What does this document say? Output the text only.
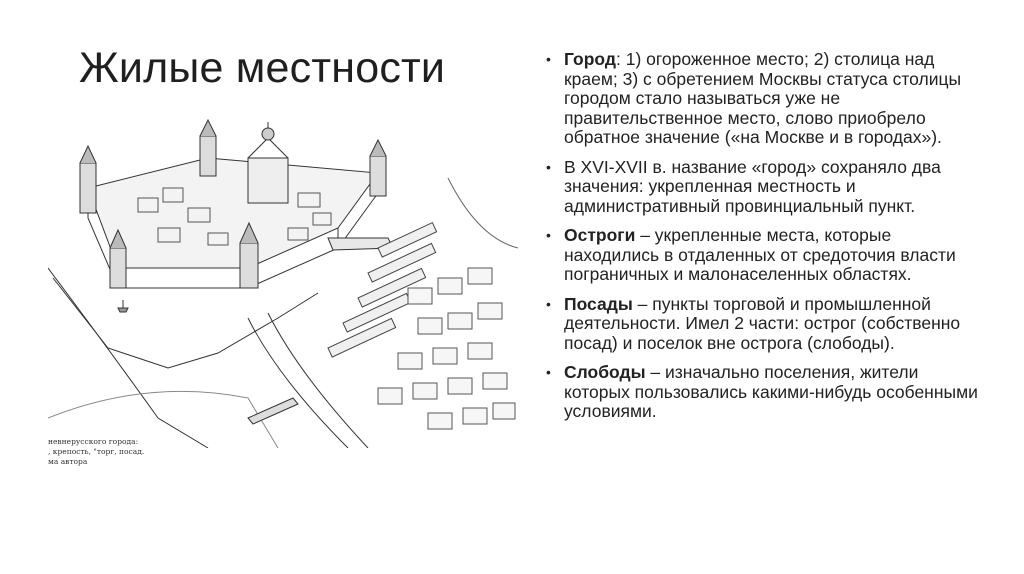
Жилые местности
невнерусского города:
, крепость, "торг, посад.
ма автора
• Город: 1) огороженное место; 2) столица над краем; 3) с обретением Москвы статуса столицы городом стало называться уже не правительственное место, слово приобрело обратное значение («на Москве и в городах»).
• В XVI-XVII в. название «город» сохраняло два значения: укрепленная местность и административный провинциальный пункт.
• Остроги – укрепленные места, которые находились в отдаленных от средоточия власти пограничных и малонаселенных областях.
• Посады – пункты торговой и промышленной деятельности. Имел 2 части: острог (собственно посад) и поселок вне острога (слободы).
• Слободы – изначально поселения, жители которых пользовались какими-нибудь особенными условиями.
